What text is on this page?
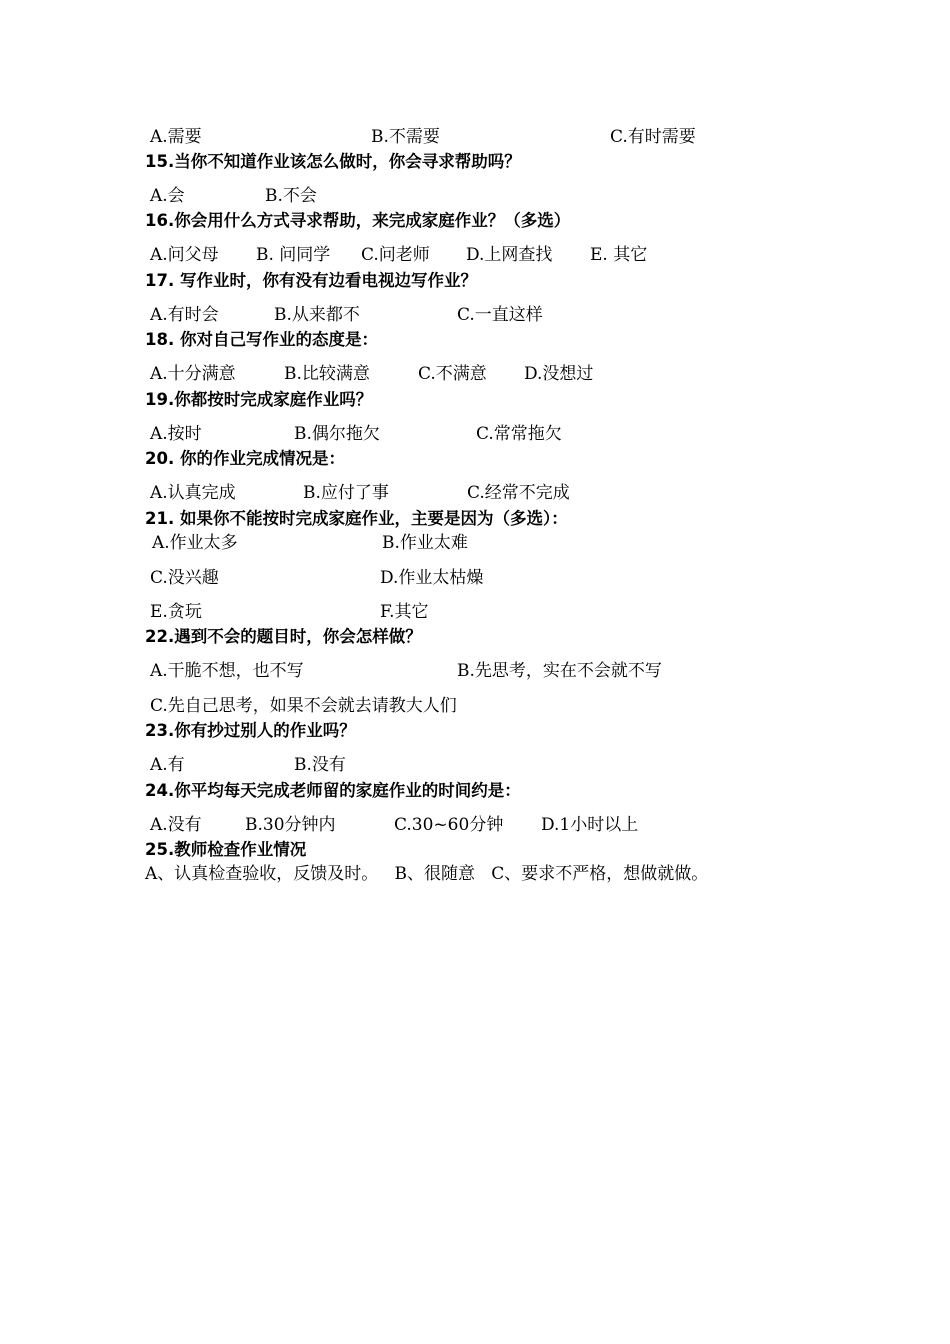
A.需要	B.不需要	C.有时需要
15.当你不知道作业该怎么做时，你会寻求帮助吗？
A.会	B.不会
16.你会用什么方式寻求帮助，来完成家庭作业？（多选）
A.问父母 B. 问同学 C.问老师 D.上网查找 E. 其它
17. 写作业时，你有没有边看电视边写作业？
A.有时会	B.从来都不	C.一直这样
18. 你对自己写作业的态度是：
A.十分满意	B.比较满意	C.不满意 D.没想过
19.你都按时完成家庭作业吗？
A.按时	B.偶尔拖欠	C.常常拖欠
20. 你的作业完成情况是：
A.认真完成	B.应付了事	C.经常不完成
21. 如果你不能按时完成家庭作业，主要是因为（多选）：
A.作业太多	B.作业太难
C.没兴趣	D.作业太枯燥
E.贪玩	F.其它
22.遇到不会的题目时，你会怎样做？
A.干脆不想，也不写	B.先思考，实在不会就不写
C.先自己思考，如果不会就去请教大人们
23.你有抄过别人的作业吗？
A.有	B.没有
24.你平均每天完成老师留的家庭作业的时间约是：
A.没有	B.30分钟内	C.30~60分钟 D.1小时以上
25.教师检查作业情况
A、认真检查验收，反馈及时。   B、很随意   C、要求不严格，想做就做。
